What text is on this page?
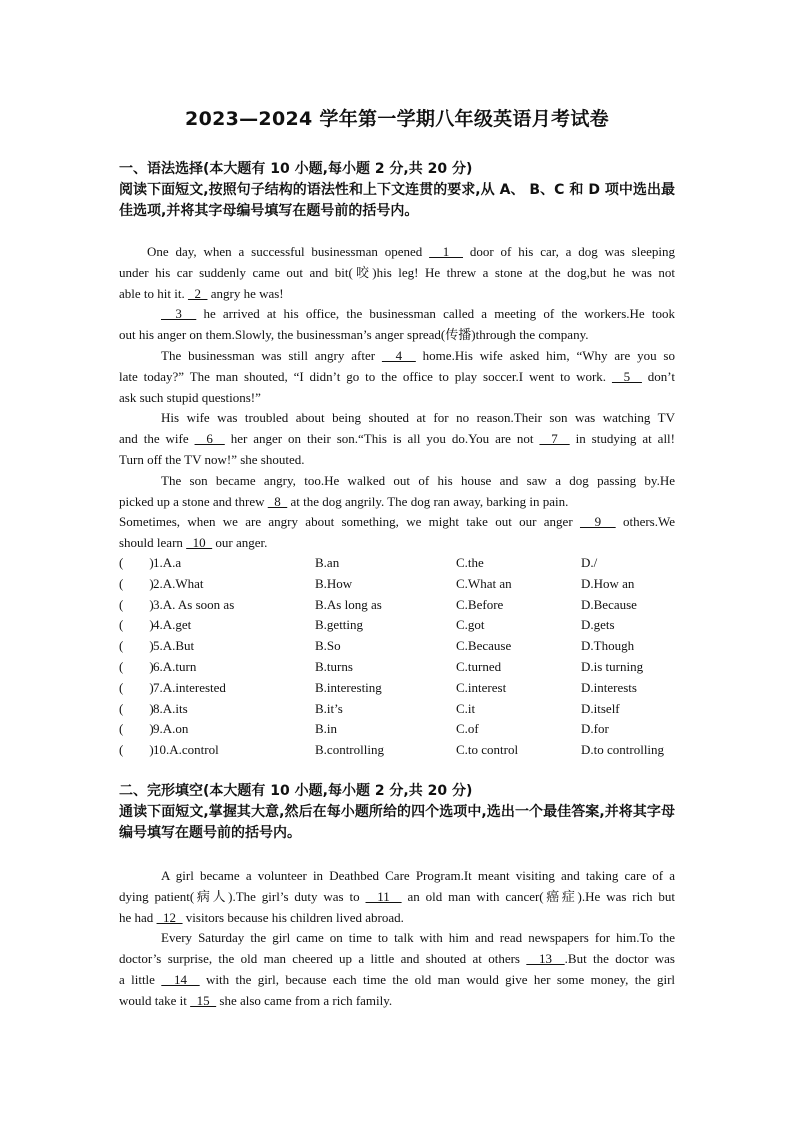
2023—2024 学年第一学期八年级英语月考试卷
一、语法选择(本大题有 10 小题,每小题 2 分,共 20 分)
阅读下面短文,按照句子结构的语法性和上下文连贯的要求,从 A、 B、C 和 D 项中选出最佳选项,并将其字母编号填写在题号前的括号内。
One day, when a successful businessman opened   1   door of his car, a dog was sleeping
under his car suddenly came out and bit(咬)his leg! He threw a stone at the dog,but he was not
able to hit it.   2   angry he was!
3   he arrived at his office, the businessman called a meeting of the workers.He took
out his anger on them.Slowly, the businessman’s anger spread(传播)through the company.
The businessman was still angry after   4   home.His wife asked him, “Why are you so
late today?” The man shouted, “I didn’t go to the office to play soccer.I went to work.   5   don’t
ask such stupid questions!”
His wife was troubled about being shouted at for no reason.Their son was watching TV
and the wife   6   her anger on their son.“This is all you do.You are not   7   in studying at all!
Turn off the TV now!” she shouted.
The son became angry, too.He walked out of his house and saw a dog passing by.He
picked up a stone and threw   8   at the dog angrily. The dog ran away, barking in pain.
Sometimes, when we are angry about something, we might take out our anger   9   others.We
should learn   10   our anger.
(        ) 1.A.a	B.an	C.the	D./
(        ) 2.A.What	B.How	C.What an	D.How an
(        ) 3.A. As soon as	B.As long as	C.Before	D.Because
(        ) 4.A.get	B.getting	C.got	D.gets
(        ) 5.A.But	B.So	C.Because	D.Though
(        ) 6.A.turn	B.turns	C.turned	D.is turning
(        ) 7.A.interested	B.interesting	C.interest	D.interests
(        ) 8.A.its	B.it’s	C.it	D.itself
(        ) 9.A.on	B.in	C.of	D.for
(        ) 10.A.control	B.controlling	C.to control	D.to controlling
二、完形填空(本大题有 10 小题,每小题 2 分,共 20 分)
通读下面短文,掌握其大意,然后在每小题所给的四个选项中,选出一个最佳答案,并将其字母编号填写在题号前的括号内。
A girl became a volunteer in Deathbed Care Program.It meant visiting and taking care of a
dying patient(病人).The girl’s duty was to   11   an old man with cancer(癌症).He was rich but
he had   12   visitors because his children lived abroad.
Every Saturday the girl came on time to talk with him and read newspapers for him.To the
doctor’s surprise, the old man cheered up a little and shouted at others   13  .But the doctor was
a little   14   with the girl, because each time the old man would give her some money, the girl
would take it   15   she also came from a rich family.
